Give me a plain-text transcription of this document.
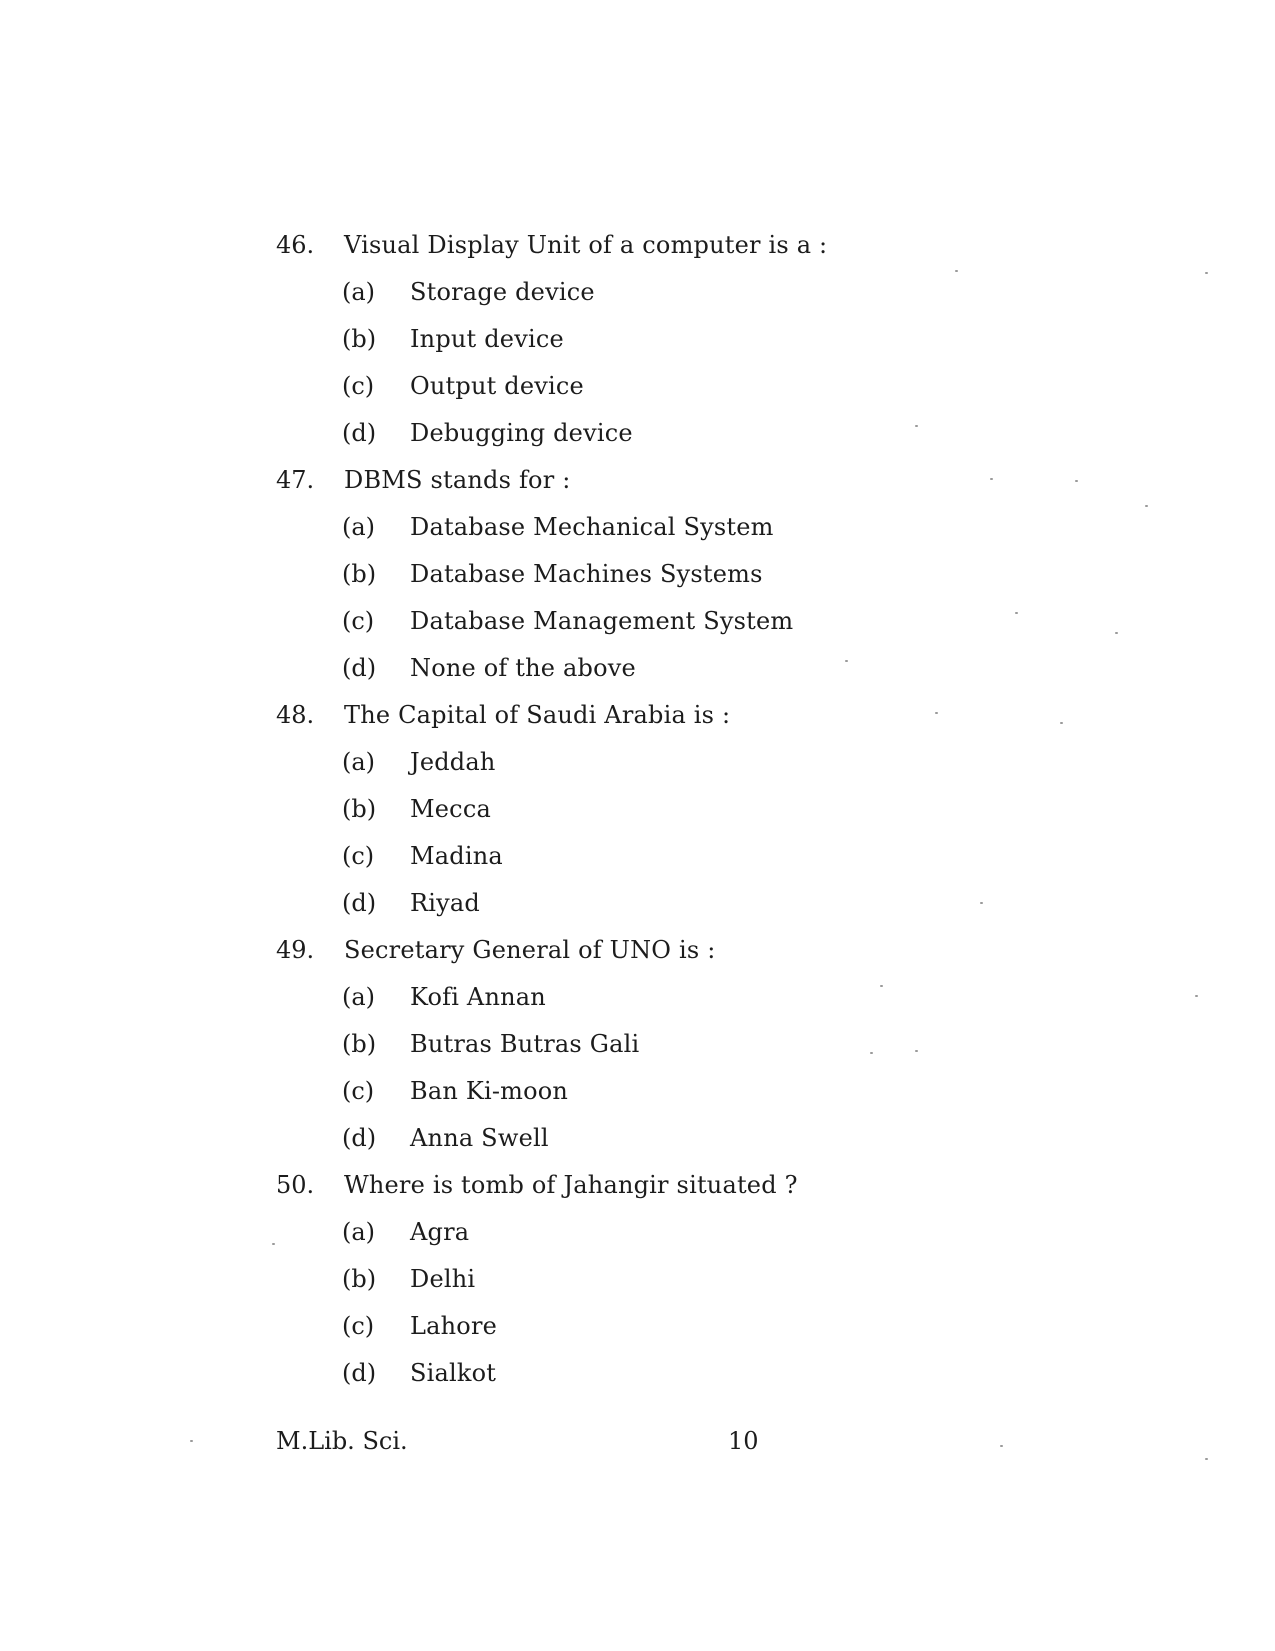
46.	Visual Display Unit of a computer is a :
(a)	Storage device
(b)	Input device
(c)	Output device
(d)	Debugging device
47.	DBMS stands for :
(a)	Database Mechanical System
(b)	Database Machines Systems
(c)	Database Management System
(d)	None of the above
48.	The Capital of Saudi Arabia is :
(a)	Jeddah
(b)	Mecca
(c)	Madina
(d)	Riyad
49.	Secretary General of UNO is :
(a)	Kofi Annan
(b)	Butras Butras Gali
(c)	Ban Ki-moon
(d)	Anna Swell
50.	Where is tomb of Jahangir situated ?
(a)	Agra
(b)	Delhi
(c)	Lahore
(d)	Sialkot
M.Lib. Sci.	10
